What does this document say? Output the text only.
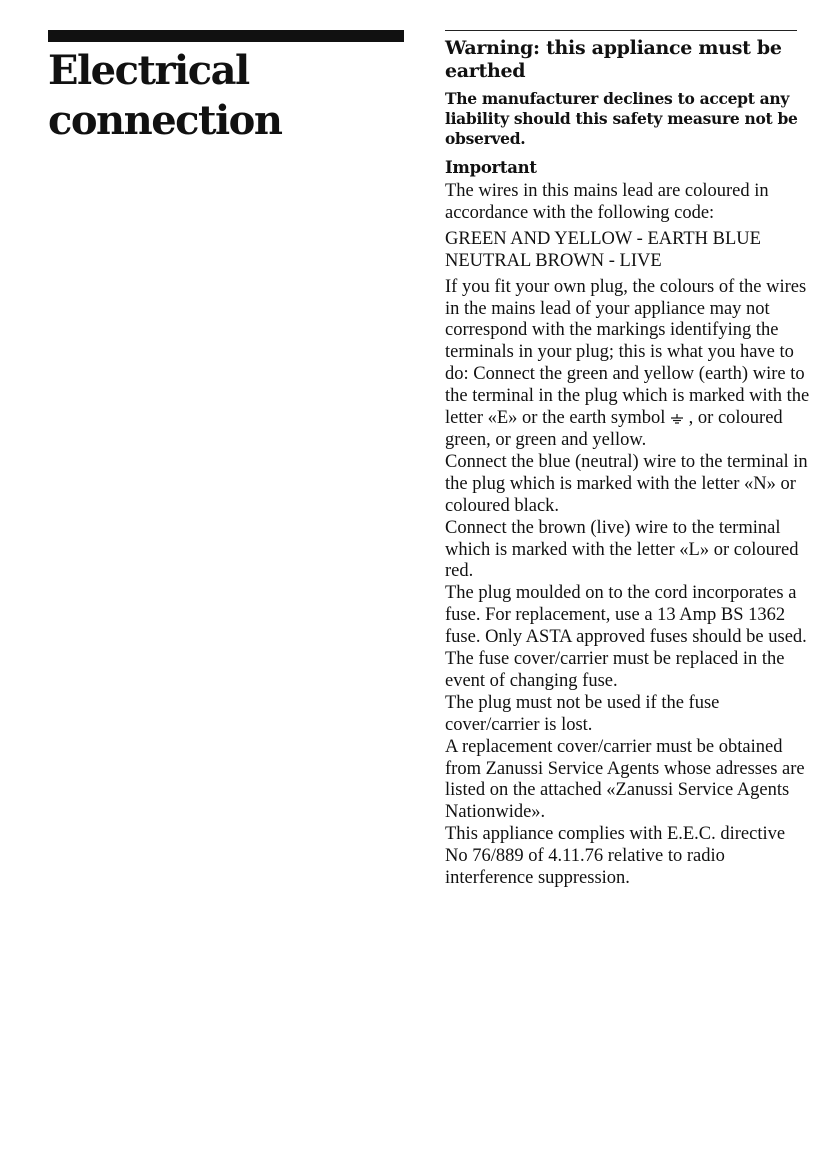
Electrical
connection
Warning: this appliance must be earthed

The manufacturer declines to accept any liability should this safety measure not be observed.

Important

The wires in this mains lead are coloured in accordance with the following code:

GREEN AND YELLOW - EARTH BLUE NEUTRAL BROWN - LIVE

If you fit your own plug, the colours of the wires in the mains lead of your appliance may not correspond with the markings identifying the terminals in your plug; this is what you have to do: Connect the green and yellow (earth) wire to the terminal in the plug which is marked with the letter «E» or the earth symbol , or coloured green, or green and yellow.

Connect the blue (neutral) wire to the terminal in the plug which is marked with the letter «N» or coloured black.

Connect the brown (live) wire to the terminal which is marked with the letter «L» or coloured red.

The plug moulded on to the cord incorporates a fuse. For replacement, use a 13 Amp BS 1362 fuse. Only ASTA approved fuses should be used.

The fuse cover/carrier must be replaced in the event of changing fuse.

The plug must not be used if the fuse cover/carrier is lost.

A replacement cover/carrier must be obtained from Zanussi Service Agents whose adresses are listed on the attached «Zanussi Service Agents Nationwide».

This appliance complies with E.E.C. directive No 76/889 of 4.11.76 relative to radio interference suppression.
